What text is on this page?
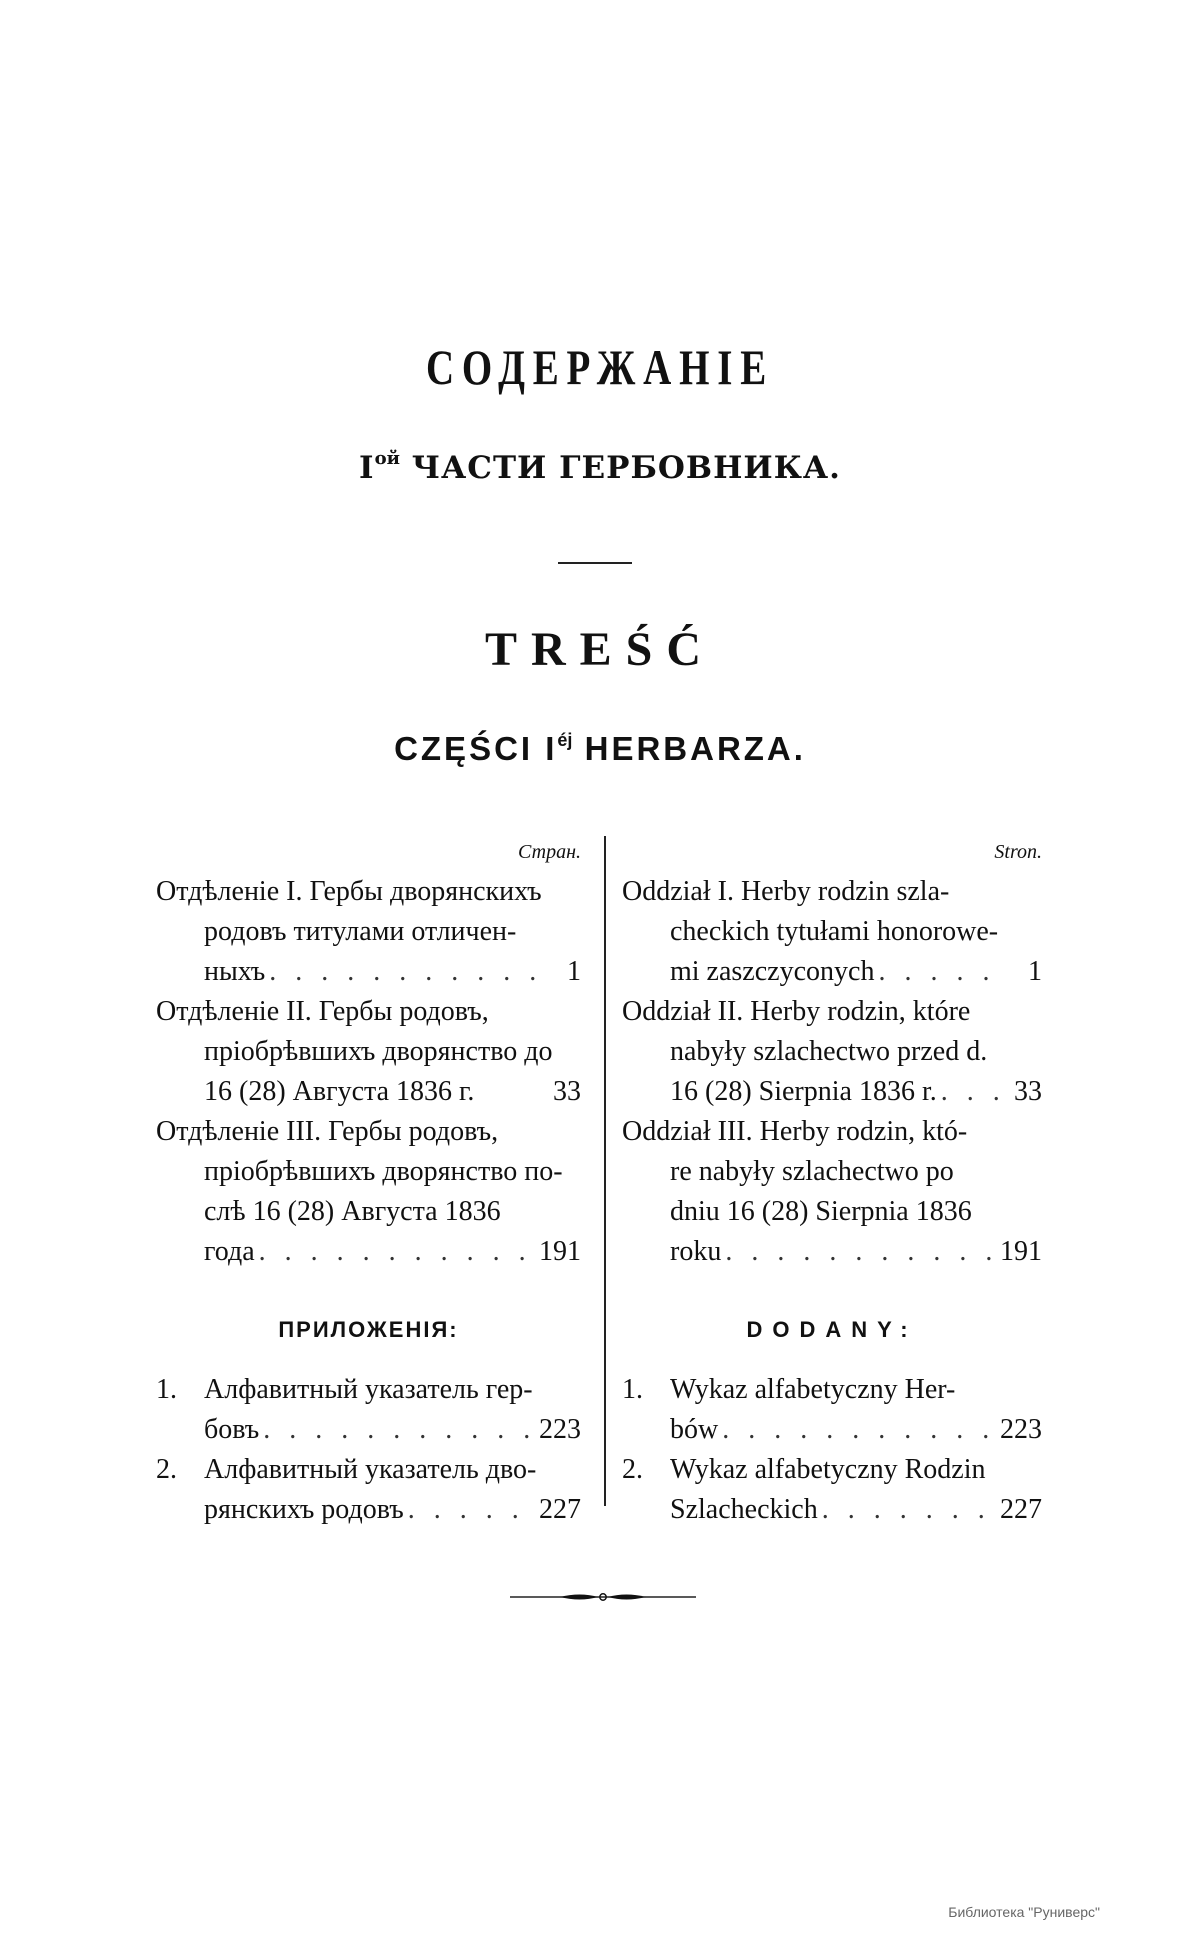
СОДЕРЖАНІЕ
$I^{ой}$ ЧАСТИ ГЕРБОВНИКА.
TREŚĆ
CZĘŚCI $I^{éj}$ HERBARZA.
Стран.
Отдѣленіе I. Гербы дворянскихъ
родовъ титулами отличен-
ныхъ . . .	1
Отдѣленіе II. Гербы родовъ,
пріобрѣвшихъ дворянство до
16 (28) Августа 1836 г.	33
Отдѣленіе III. Гербы родовъ,
пріобрѣвшихъ дворянство по-
слѣ 16 (28) Августа 1836
года . . .	191
ПРИЛОЖЕНІЯ:
1. Алфавитный указатель гер-
бовъ . . .	223
2. Алфавитный указатель дво-
рянскихъ родовъ . . .	227
Stron.
Oddział I. Herby rodzin szla-
checkich tytułami honorowe-
mi zaszczyconych . . .	1
Oddział II. Herby rodzin, które
nabyły szlachectwo przed d.
16 (28) Sierpnia 1836 r. . . .	33
Oddział III. Herby rodzin, któ-
re nabyły szlachectwo po
dniu 16 (28) Sierpnia 1836
roku . . .	191
DODANY:
1. Wykaz alfabetyczny Her-
bów . . .	223
2. Wykaz alfabetyczny Rodzin
Szlacheckich . . .	227
Библиотека "Руниверс"
